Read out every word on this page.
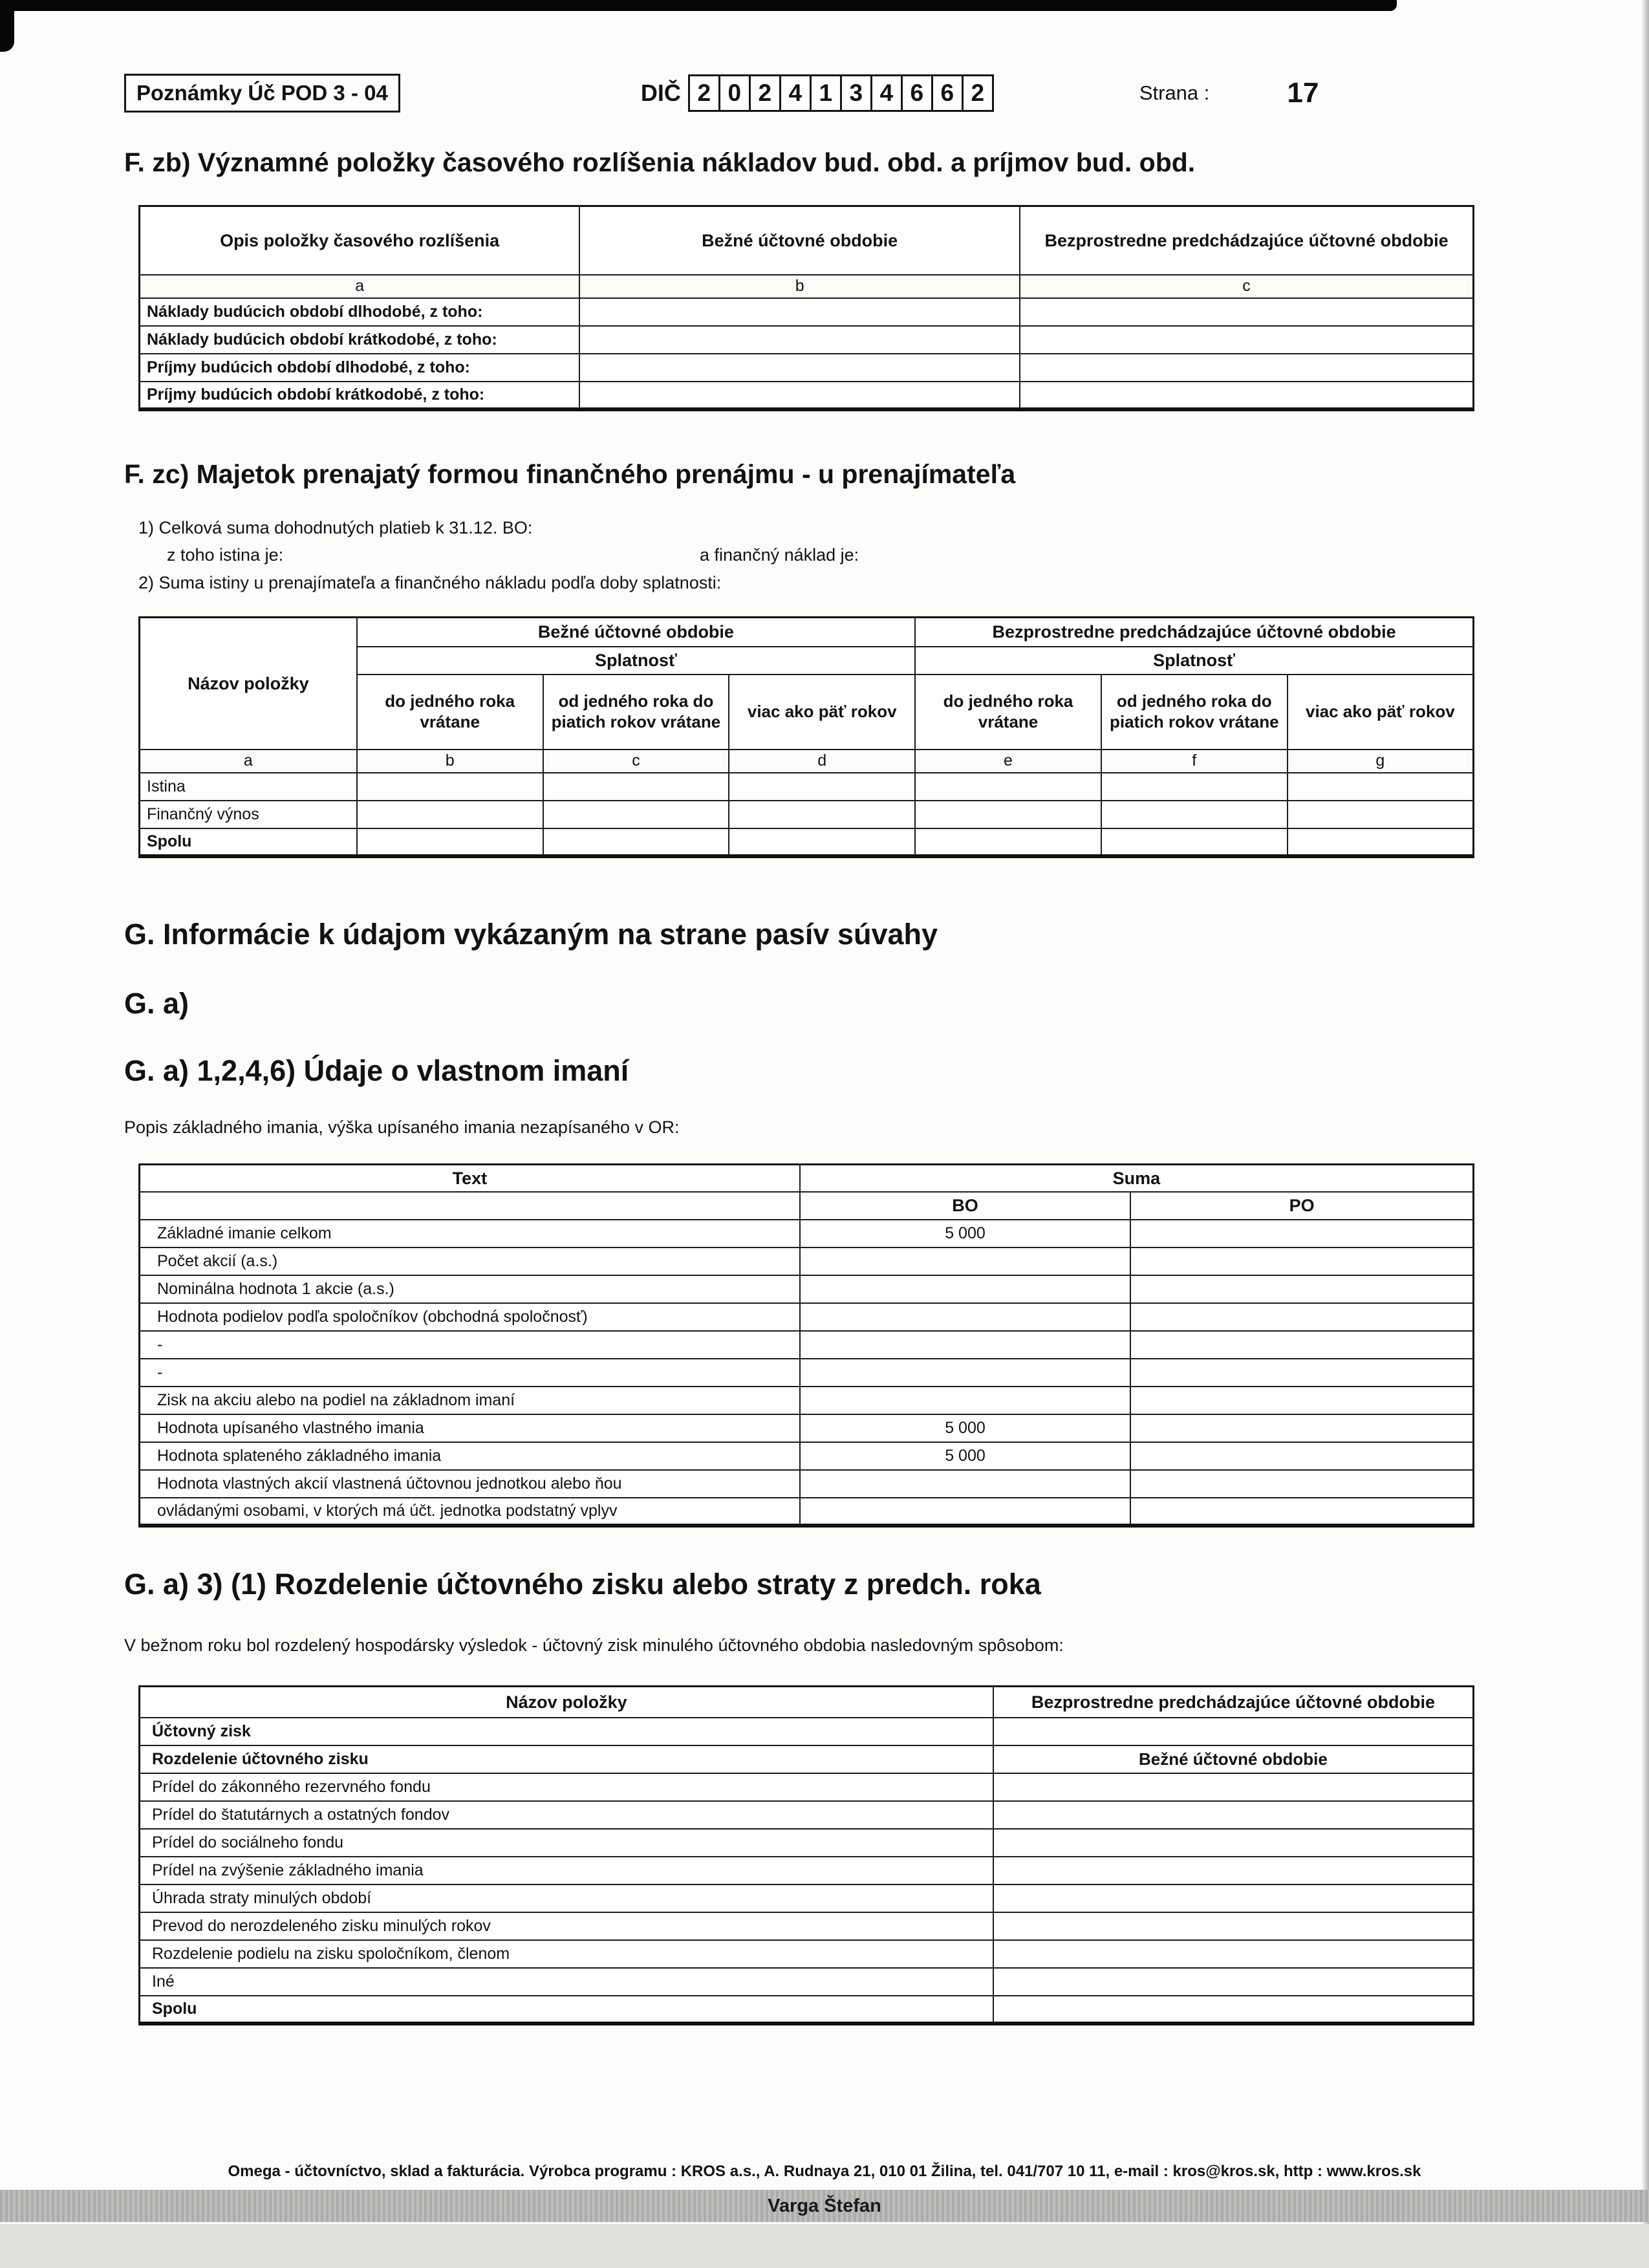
Poznámky Úč POD 3 - 04	DIČ 2 0 2 4 1 3 4 6 6 2	Strana :	17
F. zb) Významné položky časového rozlíšenia nákladov bud. obd. a príjmov bud. obd.
Opis položky časového rozlíšenia	Bežné účtovné obdobie	Bezprostredne predchádzajúce účtovné obdobie
a	b	c
Náklady budúcich období dlhodobé, z toho:		
Náklady budúcich období krátkodobé, z toho:		
Príjmy budúcich období dlhodobé, z toho:		
Príjmy budúcich období krátkodobé, z toho:		
F. zc) Majetok prenajatý formou finančného prenájmu - u prenajímateľa
1) Celková suma dohodnutých platieb k 31.12. BO:
z toho istina je:	a finančný náklad je:
2) Suma istiny u prenajímateľa a finančného nákladu podľa doby splatnosti:
Názov položky	Bežné účtovné obdobie			Bezprostredne predchádzajúce účtovné obdobie		
	Splatnosť			Splatnosť		
	do jedného roka vrátane	od jedného roka do piatich rokov vrátane	viac ako päť rokov	do jedného roka vrátane	od jedného roka do piatich rokov vrátane	viac ako päť rokov
a	b	c	d	e	f	g
Istina						
Finančný výnos						
Spolu						
G. Informácie k údajom vykázaným na strane pasív súvahy
G. a)
G. a) 1,2,4,6) Údaje o vlastnom imaní

Popis základného imania, výška upísaného imania nezapísaného v OR:

Text	Suma	
	BO	PO
Základné imanie celkom	5 000	
Počet akcií (a.s.)		
Nominálna hodnota 1 akcie (a.s.)		
Hodnota podielov podľa spoločníkov (obchodná spoločnosť)		
-		
-		
Zisk na akciu alebo na podiel na základnom imaní		
Hodnota upísaného vlastného imania	5 000	
Hodnota splateného základného imania	5 000	
Hodnota vlastných akcií vlastnená účtovnou jednotkou alebo ňou		
ovládanými osobami, v ktorých má účt. jednotka podstatný vplyv		
G. a) 3) (1) Rozdelenie účtovného zisku alebo straty z predch. roka

V bežnom roku bol rozdelený hospodársky výsledok - účtovný zisk minulého účtovného obdobia nasledovným spôsobom:

Názov položky	Bezprostredne predchádzajúce účtovné obdobie
Účtovný zisk	
Rozdelenie účtovného zisku	Bežné účtovné obdobie
Prídel do zákonného rezervného fondu	
Prídel do štatutárnych a ostatných fondov	
Prídel do sociálneho fondu	
Prídel na zvýšenie základného imania	
Úhrada straty minulých období	
Prevod do nerozdeleného zisku minulých rokov	
Rozdelenie podielu na zisku spoločníkom, členom	
Iné	
Spolu	
Omega - účtovníctvo, sklad a fakturácia. Výrobca programu : KROS a.s., A. Rudnaya 21, 010 01 Žilina, tel. 041/707 10 11, e-mail : kros@kros.sk, http : www.kros.sk
Varga Štefan
